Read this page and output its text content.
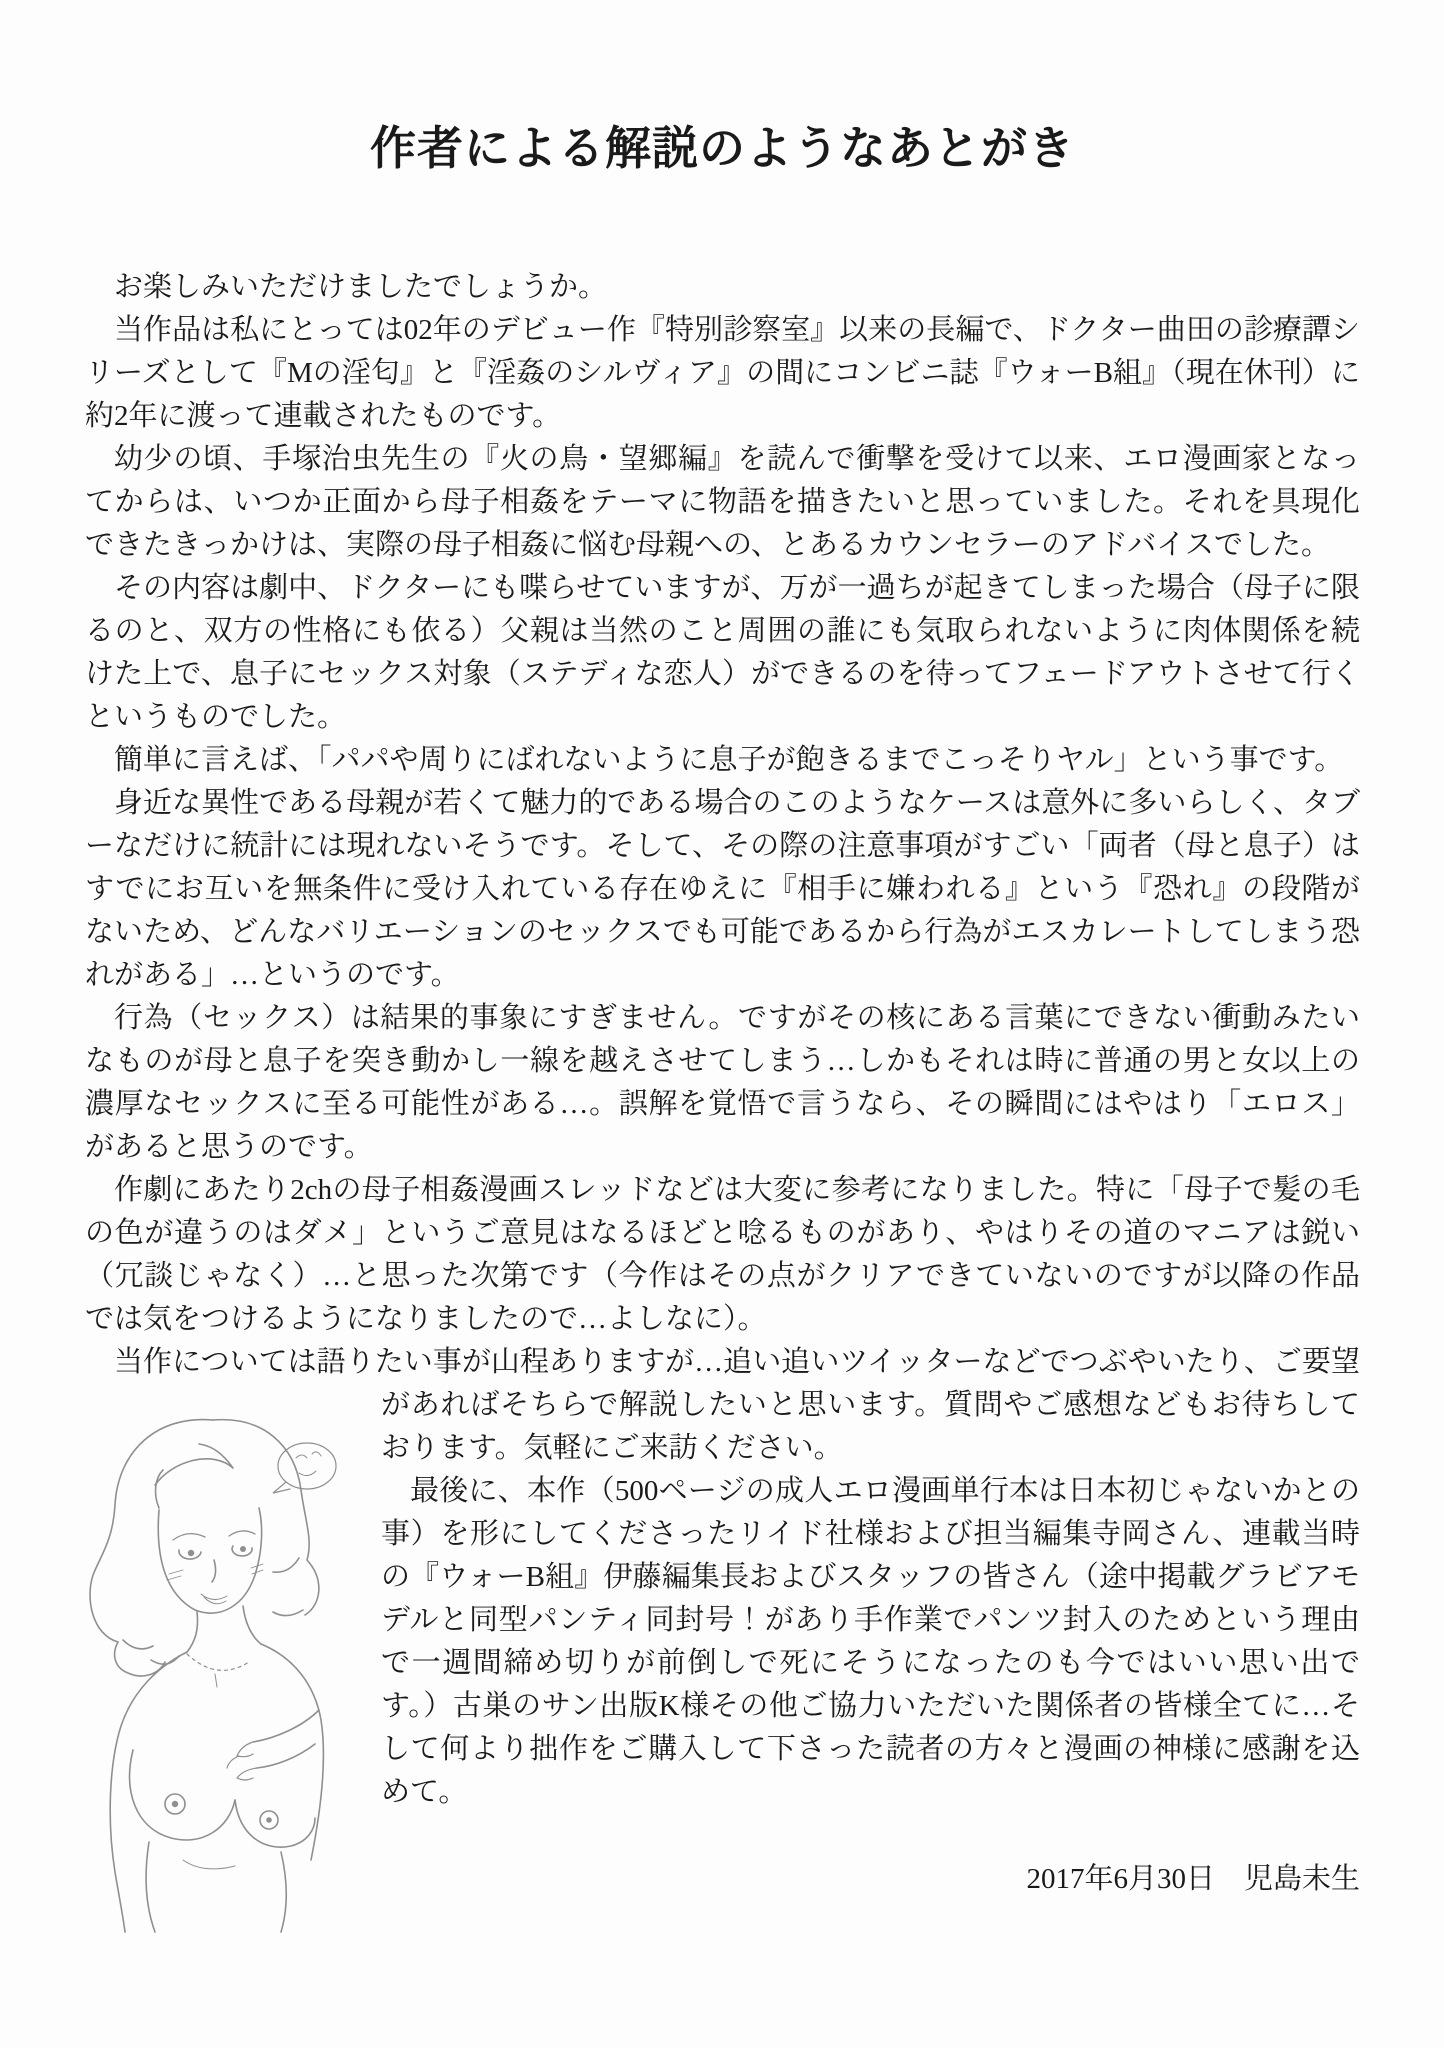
作者による解説のようなあとがき

お楽しみいただけましたでしょうか。

当作品は私にとっては02年のデビュー作『特別診察室』以来の長編で、ドクター曲田の診療譚シリーズとして『Mの淫匂』と『淫姦のシルヴィア』の間にコンビニ誌『ウォーB組』（現在休刊）に約2年に渡って連載されたものです。

幼少の頃、手塚治虫先生の『火の鳥・望郷編』を読んで衝撃を受けて以来、エロ漫画家となってからは、いつか正面から母子相姦をテーマに物語を描きたいと思っていました。それを具現化できたきっかけは、実際の母子相姦に悩む母親への、とあるカウンセラーのアドバイスでした。

その内容は劇中、ドクターにも喋らせていますが、万が一過ちが起きてしまった場合（母子に限るのと、双方の性格にも依る）父親は当然のこと周囲の誰にも気取られないように肉体関係を続けた上で、息子にセックス対象（ステディな恋人）ができるのを待ってフェードアウトさせて行くというものでした。

簡単に言えば、「パパや周りにばれないように息子が飽きるまでこっそりヤル」という事です。

身近な異性である母親が若くて魅力的である場合のこのようなケースは意外に多いらしく、タブーなだけに統計には現れないそうです。そして、その際の注意事項がすごい「両者（母と息子）はすでにお互いを無条件に受け入れている存在ゆえに『相手に嫌われる』という『恐れ』の段階がないため、どんなバリエーションのセックスでも可能であるから行為がエスカレートしてしまう恐れがある」…というのです。

行為（セックス）は結果的事象にすぎません。ですがその核にある言葉にできない衝動みたいなものが母と息子を突き動かし一線を越えさせてしまう…しかもそれは時に普通の男と女以上の濃厚なセックスに至る可能性がある…。誤解を覚悟で言うなら、その瞬間にはやはり「エロス」があると思うのです。

作劇にあたり2chの母子相姦漫画スレッドなどは大変に参考になりました。特に「母子で髪の毛の色が違うのはダメ」というご意見はなるほどと唸るものがあり、やはりその道のマニアは鋭い（冗談じゃなく）…と思った次第です（今作はその点がクリアできていないのですが以降の作品では気をつけるようになりましたので…よしなに）。

当作については語りたい事が山程ありますが…追い追いツイッターなどでつぶやいたり、ご要望
があればそちらで解説したいと思います。質問やご感想などもお待ちしております。気軽にご来訪ください。

最後に、本作（500ページの成人エロ漫画単行本は日本初じゃないかとの事）を形にしてくださったリイド社様および担当編集寺岡さん、連載当時の『ウォーB組』伊藤編集長およびスタッフの皆さん（途中掲載グラビアモデルと同型パンティ同封号！があり手作業でパンツ封入のためという理由で一週間締め切りが前倒しで死にそうになったのも今ではいい思い出です。）古巣のサン出版K様その他ご協力いただいた関係者の皆様全てに…そして何より拙作をご購入して下さった読者の方々と漫画の神様に感謝を込めて。

2017年6月30日　児島未生
